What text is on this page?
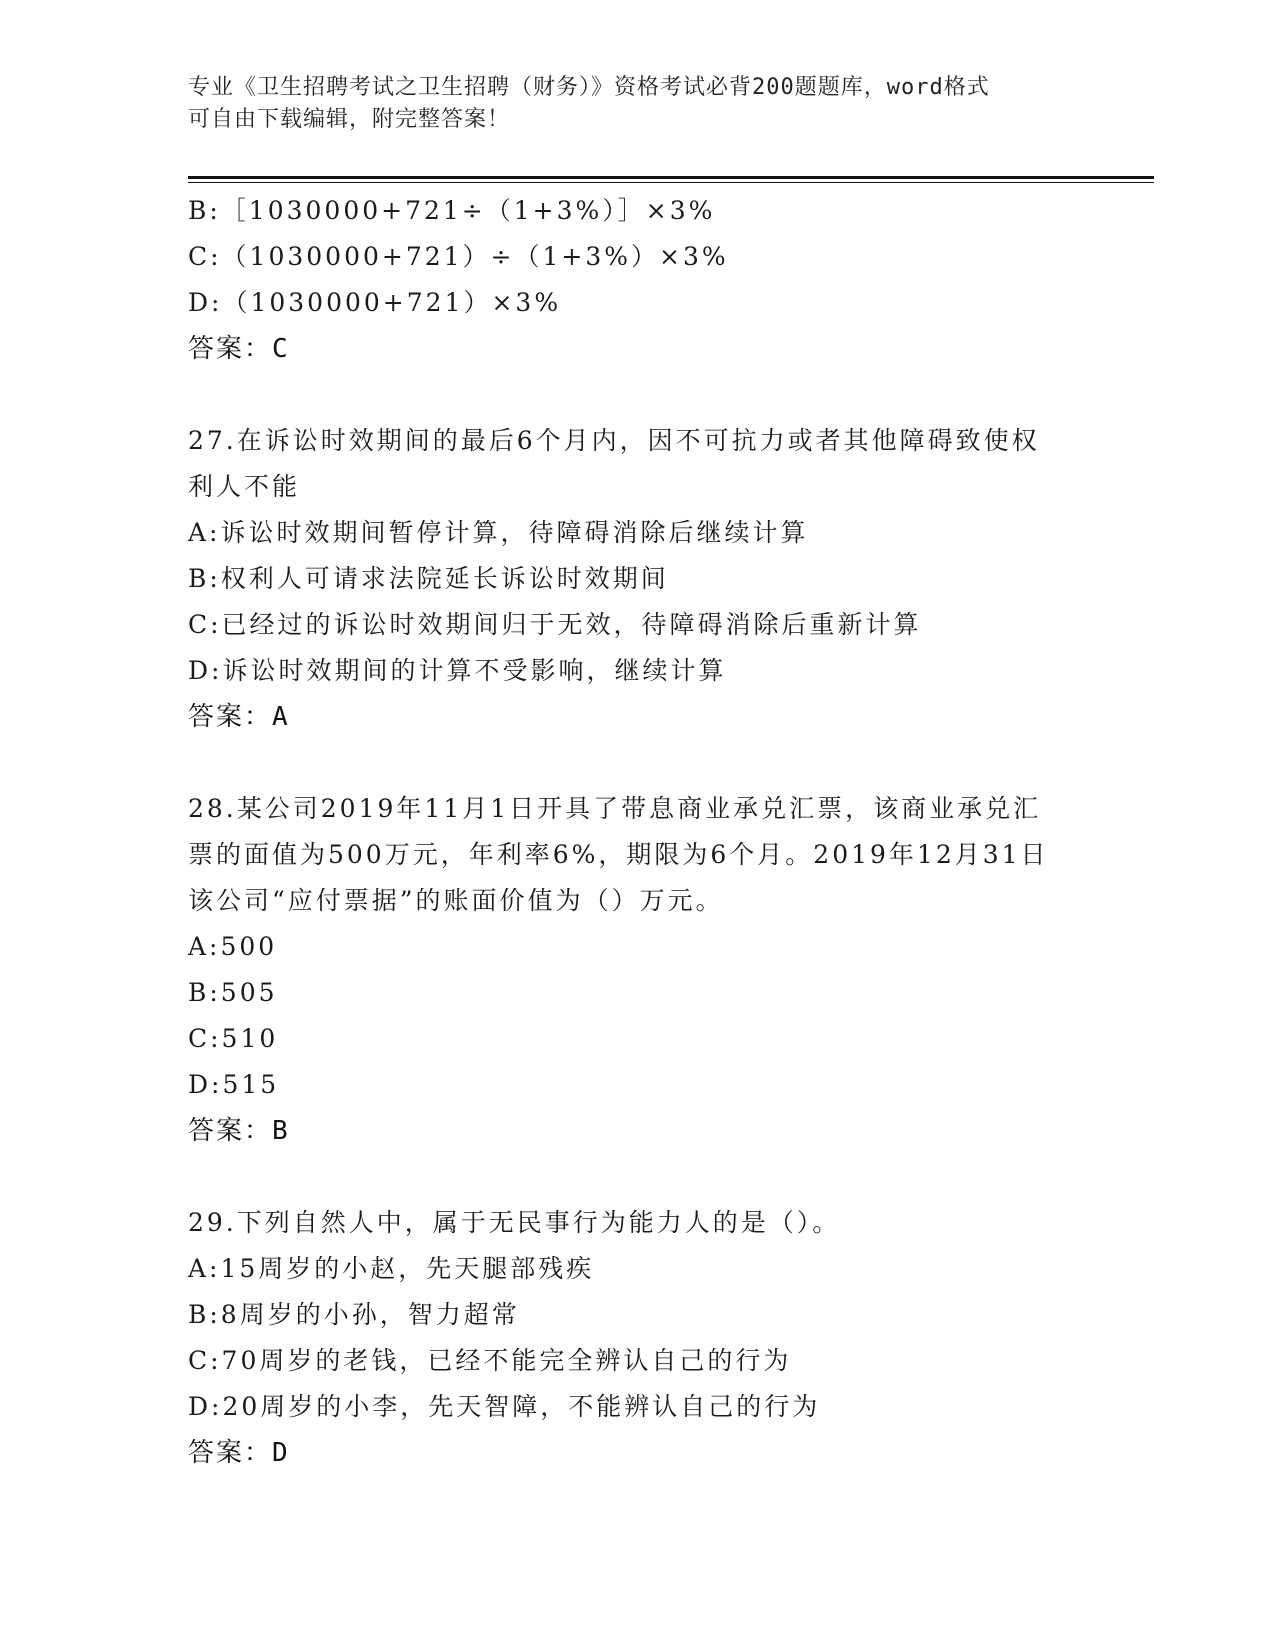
专业《卫生招聘考试之卫生招聘（财务）》资格考试必背200题题库，word格式
可自由下载编辑，附完整答案！
B:［1030000+721÷（1+3%）］×3%
C:（1030000+721）÷（1+3%）×3%
D:（1030000+721）×3%
答案：C
27.在诉讼时效期间的最后6个月内，因不可抗力或者其他障碍致使权
利人不能
A:诉讼时效期间暂停计算，待障碍消除后继续计算
B:权利人可请求法院延长诉讼时效期间
C:已经过的诉讼时效期间归于无效，待障碍消除后重新计算
D:诉讼时效期间的计算不受影响，继续计算
答案：A
28.某公司2019年11月1日开具了带息商业承兑汇票，该商业承兑汇
票的面值为500万元，年利率6%，期限为6个月。2019年12月31日
该公司“应付票据”的账面价值为（）万元。
A:500
B:505
C:510
D:515
答案：B
29.下列自然人中，属于无民事行为能力人的是（）。
A:15周岁的小赵，先天腿部残疾
B:8周岁的小孙，智力超常
C:70周岁的老钱，已经不能完全辨认自己的行为
D:20周岁的小李，先天智障，不能辨认自己的行为
答案：D
